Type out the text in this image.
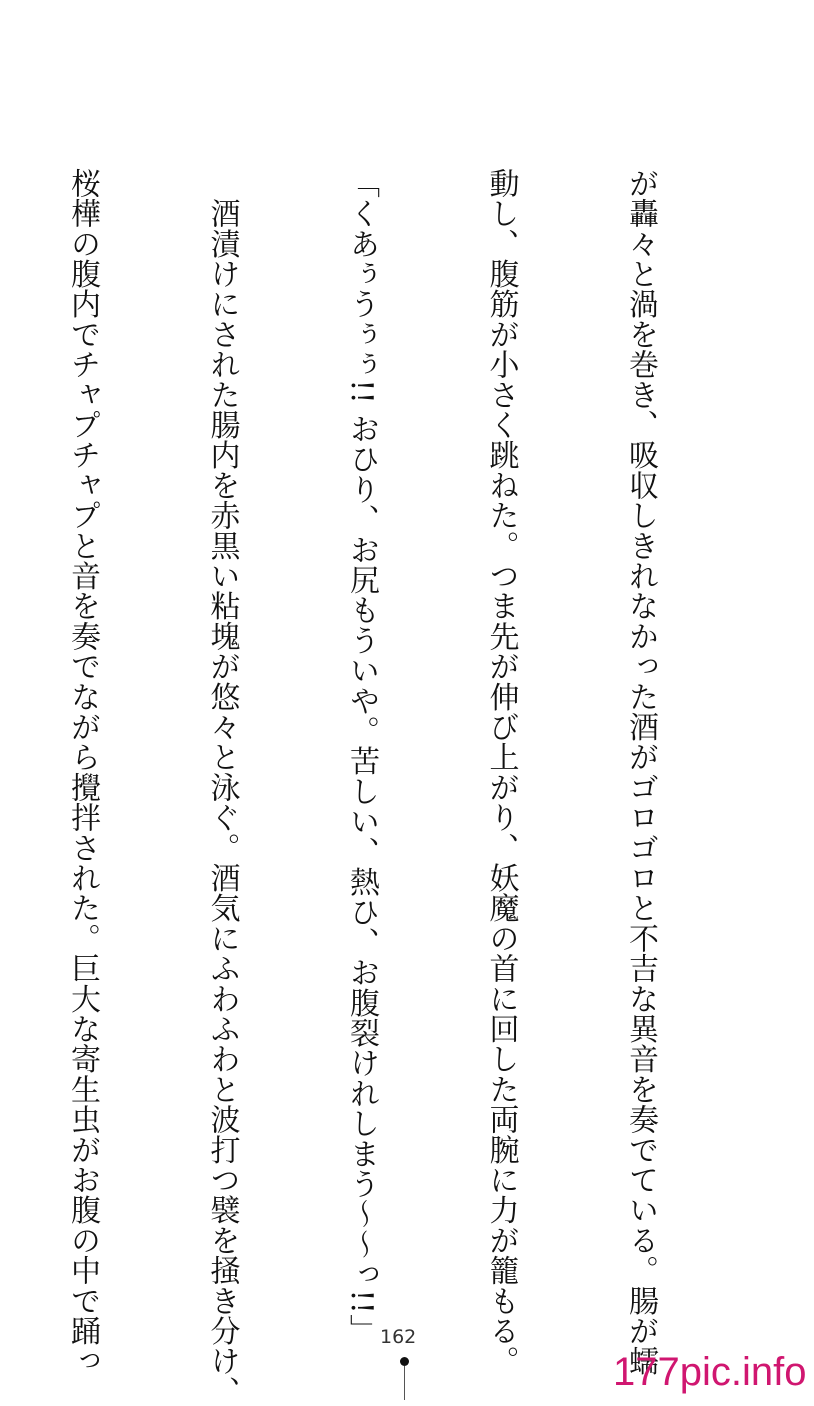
が轟々と渦を巻き、吸収しきれなかった酒がゴロゴロと不吉な異音を奏でている。腸が蠕

動し、腹筋が小さく跳ねた。つま先が伸び上がり、妖魔の首に回した両腕に力が籠もる。

「くあぅうぅぅ!! おひり、お尻もういや。苦しい、熱ひ、お腹裂けれしまう〜〜っ!!」

　酒漬けにされた腸内を赤黒い粘塊が悠々と泳ぐ。酒気にふわふわと波打つ襞を掻き分け、

桜樺の腹内でチャプチャプと音を奏でながら攪拌された。巨大な寄生虫がお腹の中で踊っ

	162
177pic.info
